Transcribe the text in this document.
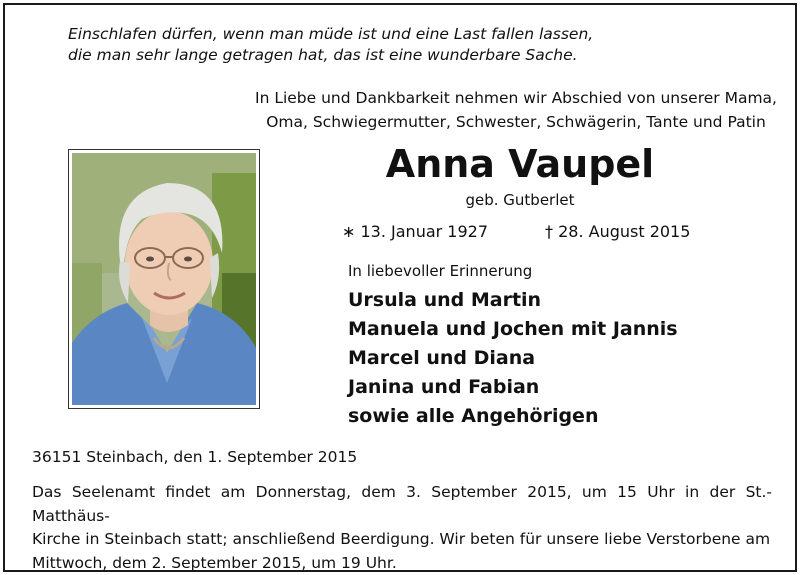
Einschlafen dürfen, wenn man müde ist und eine Last fallen lassen,
die man sehr lange getragen hat, das ist eine wunderbare Sache.
In Liebe und Dankbarkeit nehmen wir Abschied von unserer Mama,
Oma, Schwiegermutter, Schwester, Schwägerin, Tante und Patin
Anna Vaupel
geb. Gutberlet
∗ 13. Januar 1927	† 28. August 2015
In liebevoller Erinnerung
Ursula und Martin
Manuela und Jochen mit Jannis
Marcel und Diana
Janina und Fabian
sowie alle Angehörigen
36151 Steinbach, den 1. September 2015
Das Seelenamt findet am Donnerstag, dem 3. September 2015, um 15 Uhr in der St.-Matthäus-
Kirche in Steinbach statt; anschließend Beerdigung. Wir beten für unsere liebe Verstorbene am
Mittwoch, dem 2. September 2015, um 19 Uhr.
